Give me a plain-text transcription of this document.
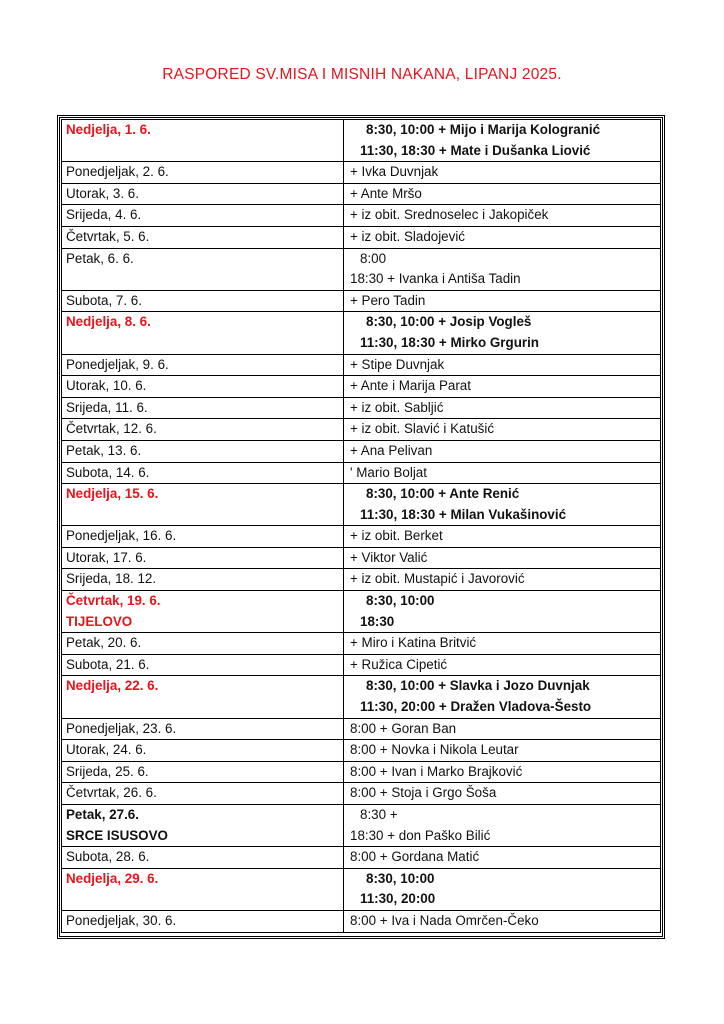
RASPORED SV.MISA I MISNIH NAKANA, LIPANJ 2025.
Nedjelja, 1. 6.	8:30, 10:00 + Mijo i Marija Kologranić
11:30, 18:30 + Mate i Dušanka Liović

Ponedjeljak, 2. 6.	+ Ivka Duvnjak

Utorak, 3. 6.	+ Ante Mršo

Srijeda, 4. 6.	+ iz obit. Srednoselec i Jakopiček

Četvrtak, 5. 6.	+ iz obit. Sladojević

Petak, 6. 6.	8:00
18:30 + Ivanka i Antiša Tadin

Subota, 7. 6.	+ Pero Tadin

Nedjelja, 8. 6.	8:30, 10:00 + Josip Vogleš
11:30, 18:30 + Mirko Grgurin

Ponedjeljak, 9. 6.	+ Stipe Duvnjak

Utorak, 10. 6.	+ Ante i Marija Parat

Srijeda, 11. 6.	+ iz obit. Sabljić

Četvrtak, 12. 6.	+ iz obit. Slavić i Katušić

Petak, 13. 6.	+ Ana Pelivan

Subota, 14. 6.	' Mario Boljat

Nedjelja, 15. 6.	8:30, 10:00 + Ante Renić
11:30, 18:30 + Milan Vukašinović

Ponedjeljak, 16. 6.	+ iz obit. Berket

Utorak, 17. 6.	+ Viktor Valić

Srijeda, 18. 12.	+ iz obit. Mustapić i Javorović

Četvrtak, 19. 6.
TIJELOVO	8:30, 10:00
18:30

Petak, 20. 6.	+ Miro i Katina Britvić

Subota, 21. 6.	+ Ružica Cipetić

Nedjelja, 22. 6.	8:30, 10:00 + Slavka i Jozo Duvnjak
11:30, 20:00 + Dražen Vladova-Šesto

Ponedjeljak, 23. 6.	8:00 + Goran Ban

Utorak, 24. 6.	8:00 + Novka i Nikola Leutar

Srijeda, 25. 6.	8:00 + Ivan i Marko Brajković

Četvrtak, 26. 6.	8:00 + Stoja i Grgo Šoša

Petak, 27.6.
SRCE ISUSOVO	8:30 +
18:30 + don Paško Bilić

Subota, 28. 6.	8:00 + Gordana Matić

Nedjelja, 29. 6.	8:30, 10:00
11:30, 20:00

Ponedjeljak, 30. 6.	8:00 + Iva i Nada Omrčen-Čeko
